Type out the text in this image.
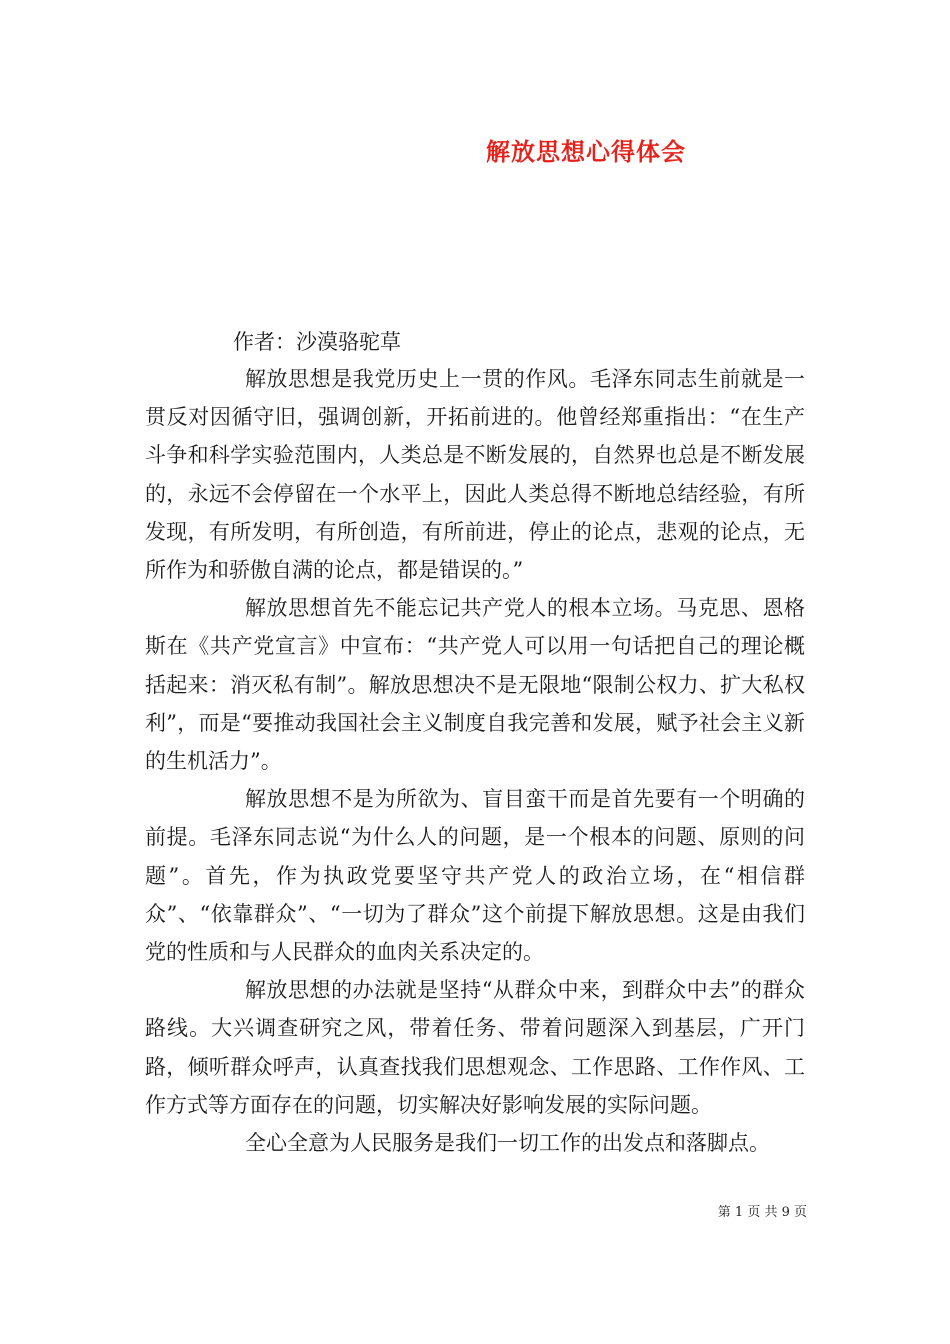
解放思想心得体会
作者：沙漠骆驼草

解放思想是我党历史上一贯的作风。毛泽东同志生前就是一贯反对因循守旧，强调创新，开拓前进的。他曾经郑重指出：“在生产斗争和科学实验范围内，人类总是不断发展的，自然界也总是不断发展的，永远不会停留在一个水平上，因此人类总得不断地总结经验，有所发现，有所发明，有所创造，有所前进，停止的论点，悲观的论点，无所作为和骄傲自满的论点，都是错误的。”

解放思想首先不能忘记共产党人的根本立场。马克思、恩格斯在《共产党宣言》中宣布：“共产党人可以用一句话把自己的理论概括起来：消灭私有制”。解放思想决不是无限地“限制公权力、扩大私权利”，而是“要推动我国社会主义制度自我完善和发展，赋予社会主义新的生机活力”。

解放思想不是为所欲为、盲目蛮干而是首先要有一个明确的前提。毛泽东同志说“为什么人的问题，是一个根本的问题、原则的问题”。首先，作为执政党要坚守共产党人的政治立场，在“相信群众”、“依靠群众”、“一切为了群众”这个前提下解放思想。这是由我们党的性质和与人民群众的血肉关系决定的。

解放思想的办法就是坚持“从群众中来，到群众中去”的群众路线。大兴调查研究之风，带着任务、带着问题深入到基层，广开门路，倾听群众呼声，认真查找我们思想观念、工作思路、工作作风、工作方式等方面存在的问题，切实解决好影响发展的实际问题。

全心全意为人民服务是我们一切工作的出发点和落脚点。

第 1 页 共 9 页
